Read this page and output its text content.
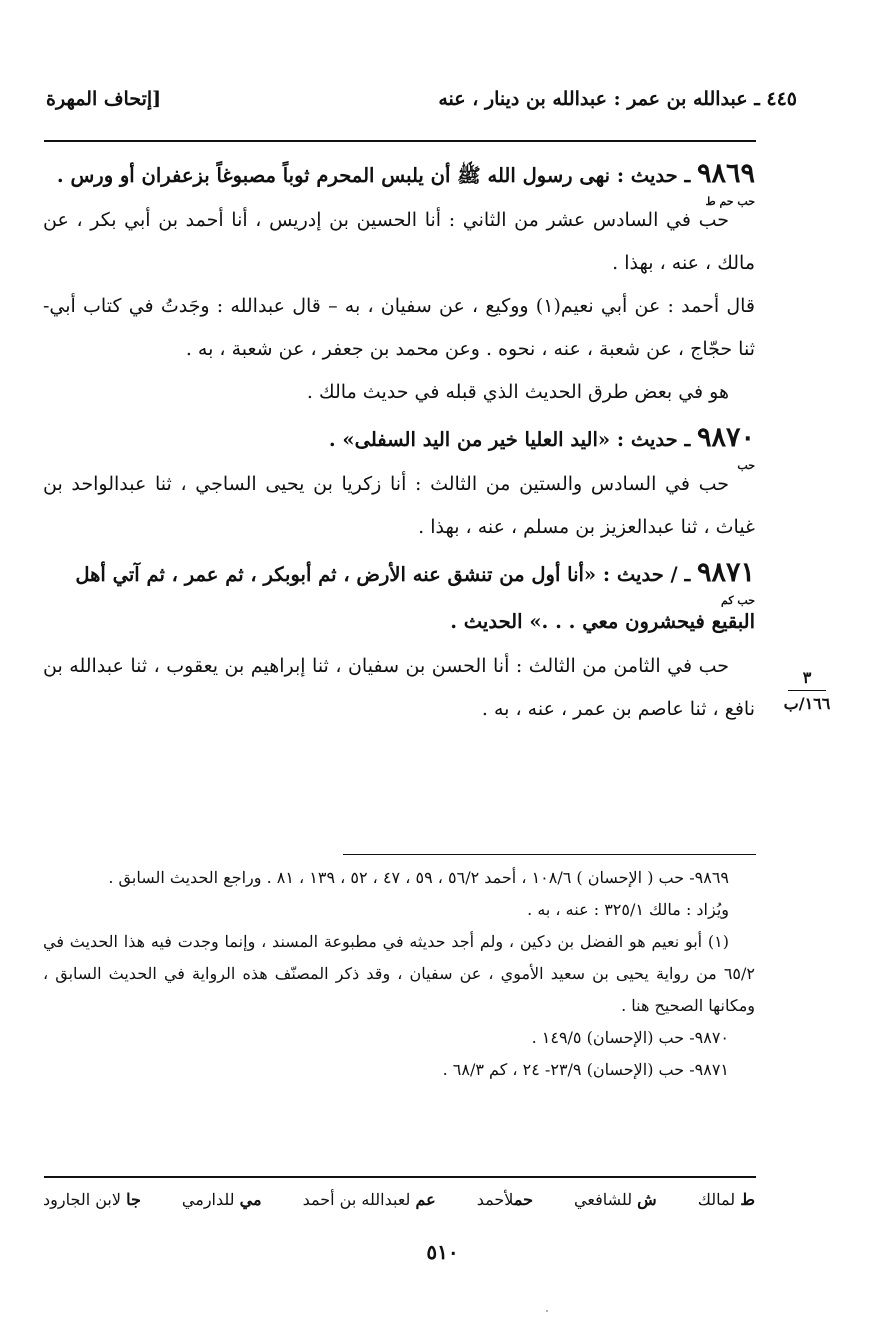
٤٤٥ ـ عبدالله بن عمر : عبدالله بن دينار ، عنه
[إتحاف المهرة

٩٨٦٩
حب حم ط
ـ حديث : نهى رسول الله ﷺ أن يلبس المحرم ثوباً مصبوغاً بزعفران أو ورس .

حب في السادس عشر من الثاني : أنا الحسين بن إدريس ، أنا أحمد بن أبي بكر ، عن مالك ، عنه ، بهذا .

قال أحمد : عن أبي نعيم(١) ووكيع ، عن سفيان ، به – قال عبدالله : وجَدتُ في كتاب أبي- ثنا حجّاج ، عن شعبة ، عنه ، نحوه . وعن محمد بن جعفر ، عن شعبة ، به .

هو في بعض طرق الحديث الذي قبله في حديث مالك .

٩٨٧٠
حب
ـ حديث : «اليد العليا خير من اليد السفلى» .

حب في السادس والستين من الثالث : أنا زكريا بن يحيى الساجي ، ثنا عبدالواحد بن غياث ، ثنا عبدالعزيز بن مسلم ، عنه ، بهذا .

٩٨٧١
حب كم
ـ / حديث : «أنا أول من تنشق عنه الأرض ، ثم أبوبكر ، ثم عمر ، ثم آتي أهل البقيع فيحشرون معي . . .» الحديث .

حب في الثامن من الثالث : أنا الحسن بن سفيان ، ثنا إبراهيم بن يعقوب ، ثنا عبدالله بن نافع ، ثنا عاصم بن عمر ، عنه ، به .

٣
١٦٦/ب

٩٨٦٩- حب ( الإحسان ) ١٠٨/٦ ، أحمد ٥٦/٢ ، ٥٩ ، ٤٧ ، ٥٢ ، ١٣٩ ، ٨١ . وراجع الحديث السابق .

ويُزاد : مالك ٣٢٥/١ : عنه ، به .

(١) أبو نعيم هو الفضل بن دكين ، ولم أجد حديثه في مطبوعة المسند ، وإنما وجدت فيه هذا الحديث في ٦٥/٢ من رواية يحيى بن سعيد الأموي ، عن سفيان ، وقد ذكر المصنّف هذه الرواية في الحديث السابق ، ومكانها الصحيح هنا .

٩٨٧٠- حب (الإحسان) ١٤٩/٥ .

٩٨٧١- حب (الإحسان) ٢٣/٩- ٢٤ ، كم ٦٨/٣ .

ط لمالك
ش للشافعي
حملأحمد
عم لعبدالله بن أحمد
مي للدارمي
جا لابن الجارود
٥١٠
